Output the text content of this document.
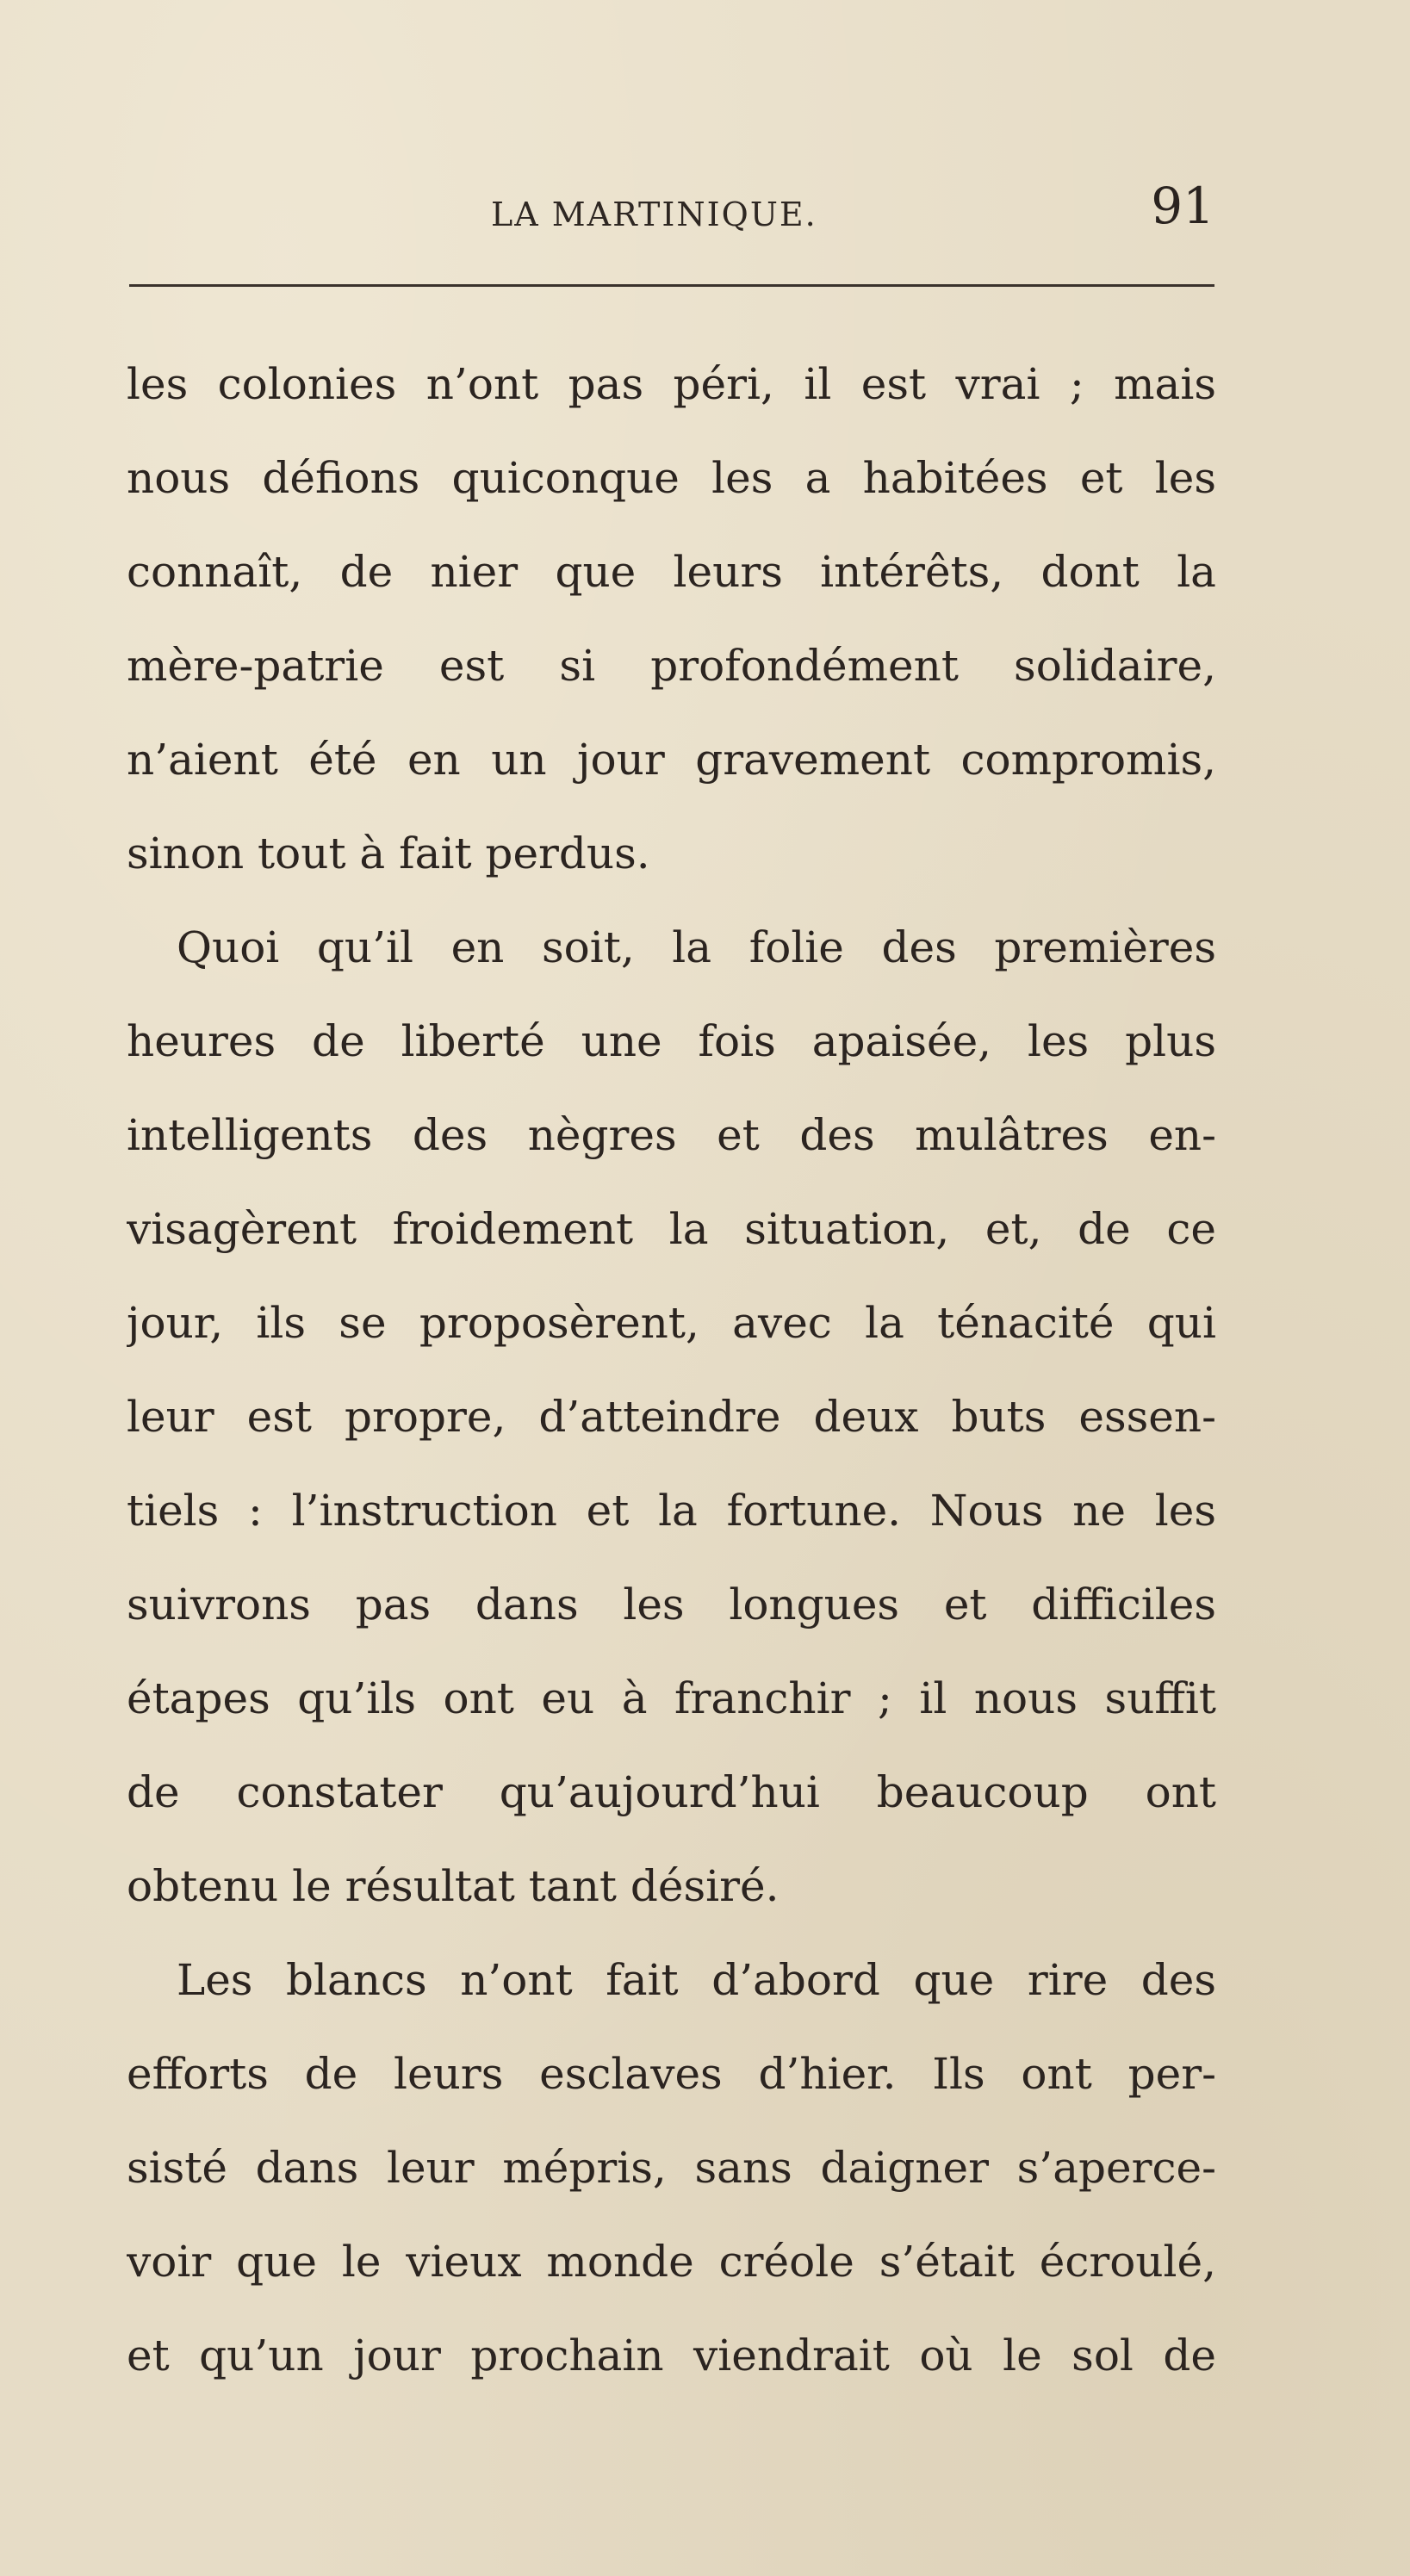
LA MARTINIQUE.	91
les colonies n’ont pas péri, il est vrai ; mais
nous défions quiconque les a habitées et les
connaît, de nier que leurs intérêts, dont la
mère-patrie est si profondément solidaire,
n’aient été en un jour gravement compromis,
sinon tout à fait perdus.
Quoi qu’il en soit, la folie des premières
heures de liberté une fois apaisée, les plus
intelligents des nègres et des mulâtres en-
visagèrent froidement la situation, et, de ce
jour, ils se proposèrent, avec la ténacité qui
leur est propre, d’atteindre deux buts essen-
tiels : l’instruction et la fortune. Nous ne les
suivrons pas dans les longues et difficiles
étapes qu’ils ont eu à franchir ; il nous suffit
de constater qu’aujourd’hui beaucoup ont
obtenu le résultat tant désiré.
Les blancs n’ont fait d’abord que rire des
efforts de leurs esclaves d’hier. Ils ont per-
sisté dans leur mépris, sans daigner s’aperce-
voir que le vieux monde créole s’était écroulé,
et qu’un jour prochain viendrait où le sol de
